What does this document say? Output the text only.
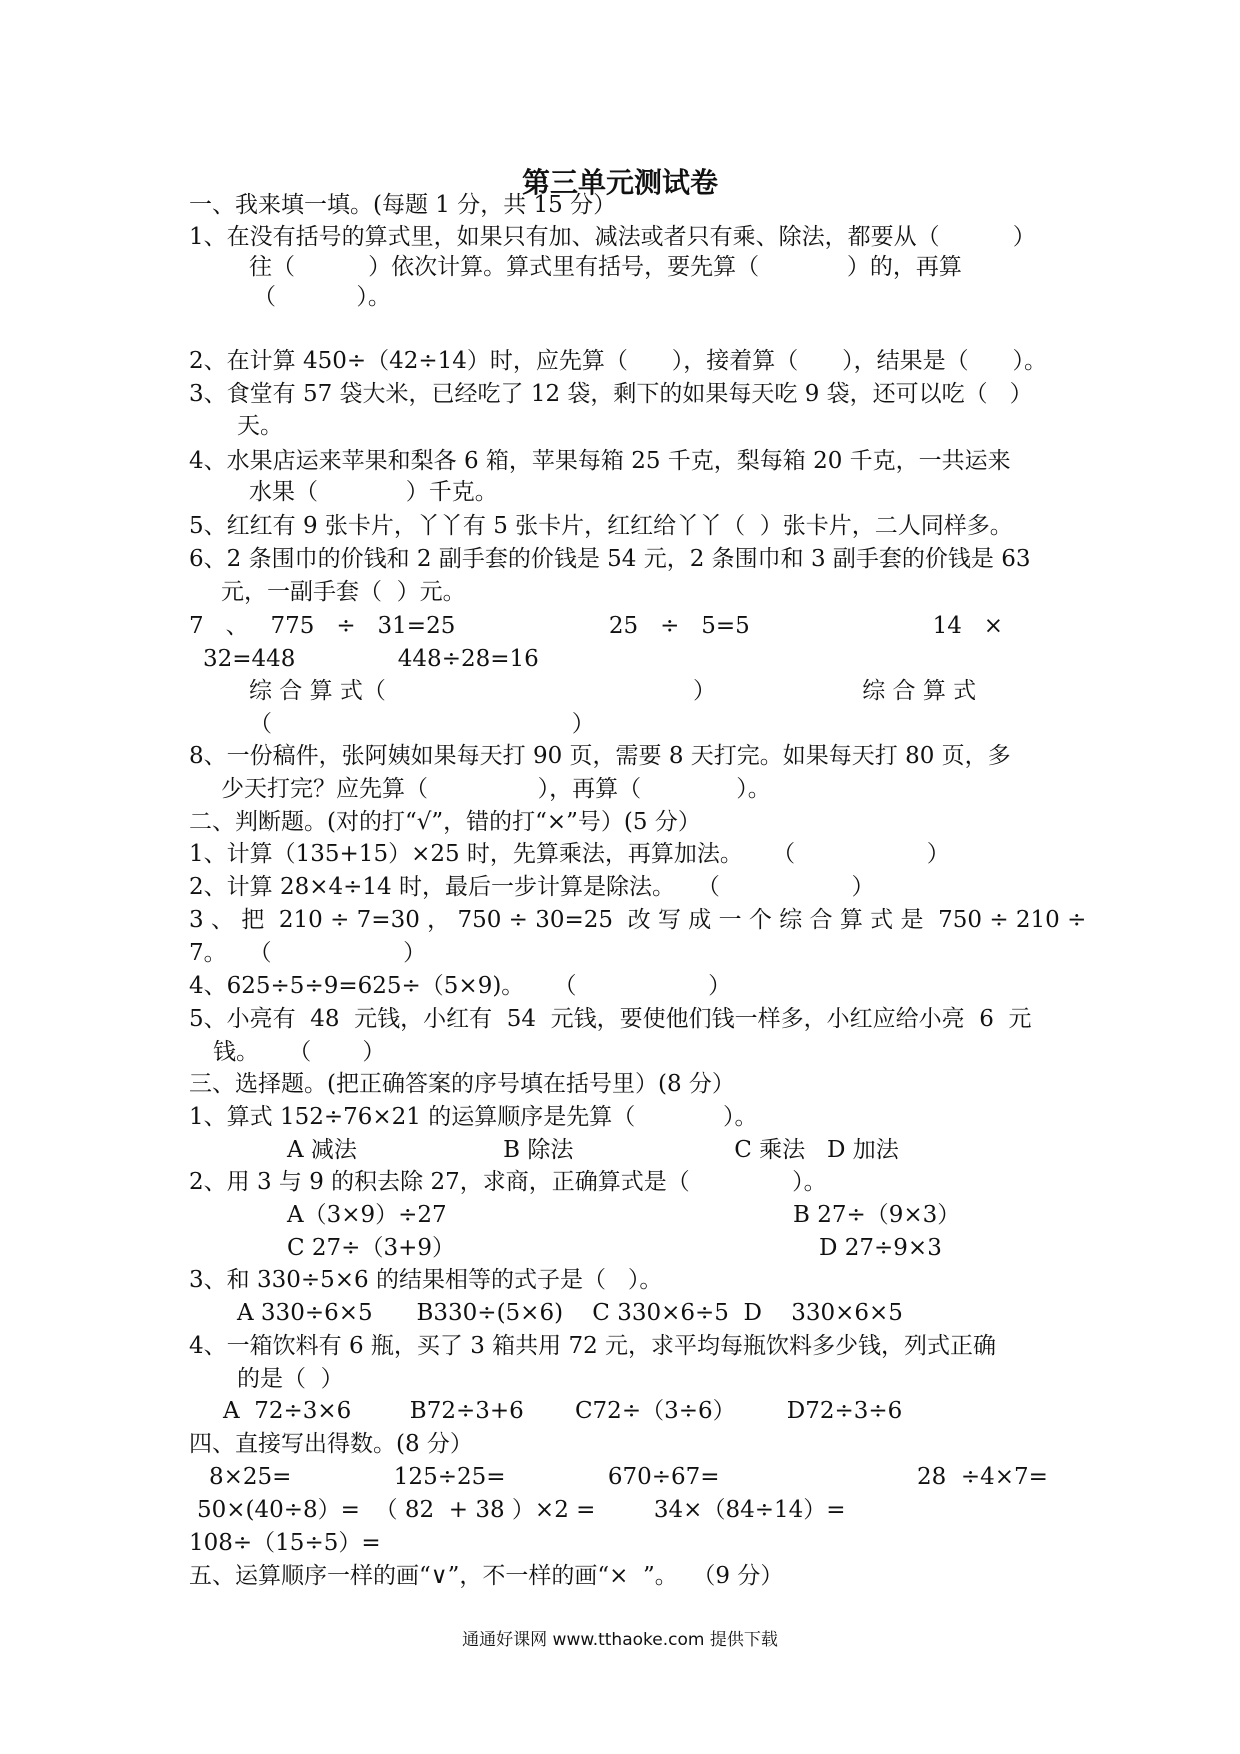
第三单元测试卷
一、我来填一填。(每题 1 分，共 15 分）
1、在没有括号的算式里，如果只有加、减法或者只有乘、除法，都要从（          ）
往（          ）依次计算。算式里有括号，要先算（            ）的，再算
（           ）。
2、在计算 450÷（42÷14）时，应先算（      ），接着算（      ），结果是（      ）。
3、食堂有 57 袋大米，已经吃了 12 袋，剩下的如果每天吃 9 袋，还可以吃（   ）
天。
4、水果店运来苹果和梨各 6 箱，苹果每箱 25 千克，梨每箱 20 千克，一共运来
水果（            ）千克。
5、红红有 9 张卡片，丫丫有 5 张卡片，红红给丫丫（  ）张卡片，二人同样多。
6、2 条围巾的价钱和 2 副手套的价钱是 54 元，2 条围巾和 3 副手套的价钱是 63
元，一副手套（  ）元。
7   、   775   ÷   31=25                     25   ÷   5=5                         14   ×
32=448              448÷28=16
综 合 算 式（                                          ）                    综 合 算 式
（                                         ）
8、一份稿件，张阿姨如果每天打 90 页，需要 8 天打完。如果每天打 80 页，多
少天打完？应先算（               ），再算（             ）。
二、判断题。(对的打“√”，错的打“×”号）(5 分）
1、计算（135+15）×25 时，先算乘法，再算加法。    （                  ）
2、计算 28×4÷14 时，最后一步计算是除法。   （                  ）
3 、 把  210 ÷ 7=30 ， 750 ÷ 30=25  改 写 成 一 个 综 合 算 式 是  750 ÷ 210 ÷
7。   （                  ）
4、625÷5÷9=625÷（5×9)。    （                  ）
5、小亮有  48  元钱，小红有  54  元钱，要使他们钱一样多，小红应给小亮  6  元
钱。    （       ）
三、选择题。(把正确答案的序号填在括号里）(8 分）
1、算式 152÷76×21 的运算顺序是先算（            ）。
A 减法                    B 除法                      C 乘法   D 加法
2、用 3 与 9 的积去除 27，求商，正确算式是（              ）。
A（3×9）÷27	B 27÷（9×3）
C 27÷（3+9）	D 27÷9×3
3、和 330÷5×6 的结果相等的式子是（   ）。
A 330÷6×5      B330÷(5×6)    C 330×6÷5  D    330×6×5
4、一箱饮料有 6 瓶，买了 3 箱共用 72 元，求平均每瓶饮料多少钱，列式正确
的是（  ）
A  72÷3×6        B72÷3+6       C72÷（3÷6）       D72÷3÷6
四、直接写出得数。(8 分）
8×25=              125÷25=              670÷67=                           28  ÷4×7=
50×(40÷8）=  （ 82  + 38 ）×2 =        34×（84÷14）=
108÷（15÷5）=
五、运算顺序一样的画“∨”，不一样的画“×  ”。  （9 分）
通通好课网 www.tthaoke.com 提供下载
